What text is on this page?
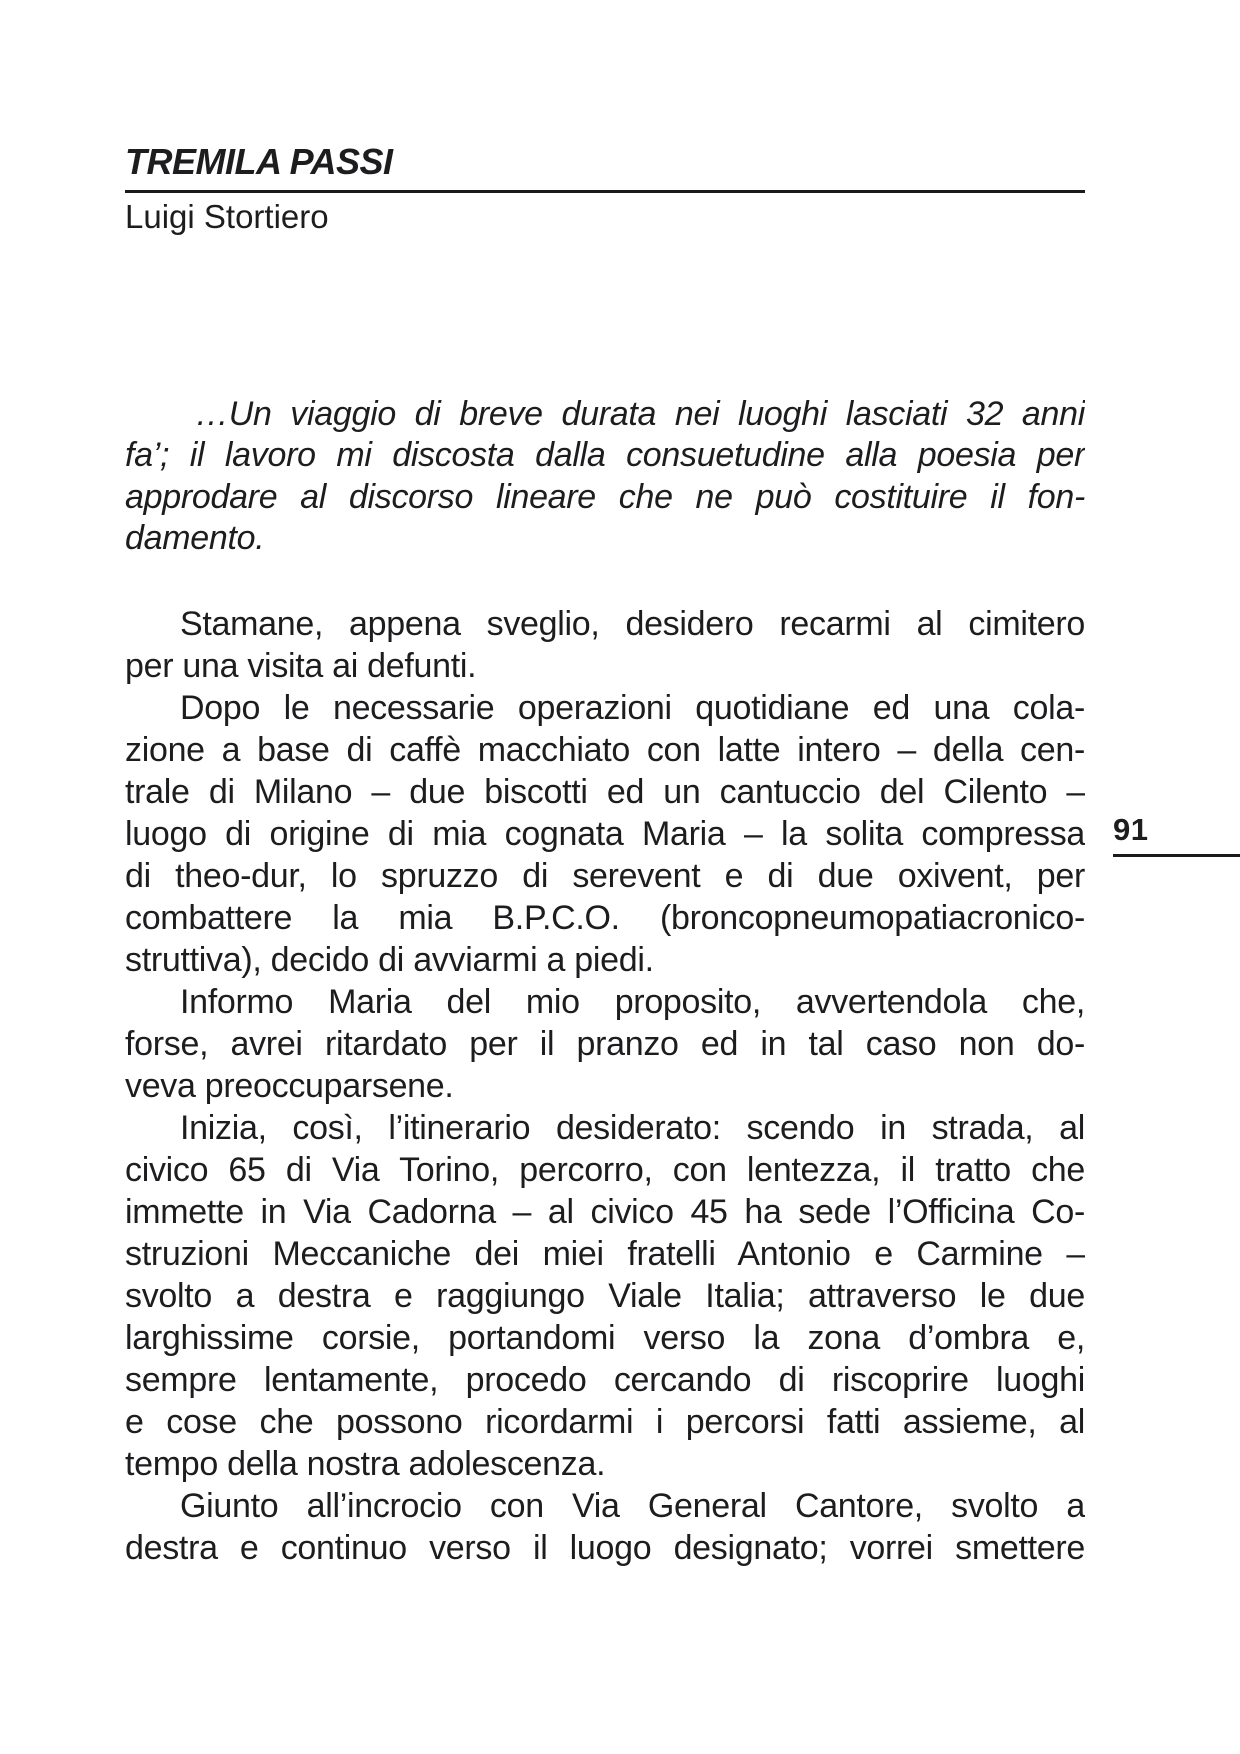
TREMILA PASSI
Luigi Stortiero
…Un viaggio di breve durata nei luoghi lasciati 32 anni
fa’; il lavoro mi discosta dalla consuetudine alla poesia per
approdare al discorso lineare che ne può costituire il fon-
damento.
Stamane, appena sveglio, desidero recarmi al cimitero
per una visita ai defunti.
Dopo le necessarie operazioni quotidiane ed una cola-
zione a base di caffè macchiato con latte intero – della cen-
trale di Milano – due biscotti ed un cantuccio del Cilento –
luogo di origine di mia cognata Maria – la solita compressa
di theo-dur, lo spruzzo di serevent e di due oxivent, per
combattere la mia B.P.C.O. (broncopneumopatiacronico-
struttiva), decido di avviarmi a piedi.
Informo Maria del mio proposito, avvertendola che,
forse, avrei ritardato per il pranzo ed in tal caso non do-
veva preoccuparsene.
Inizia, così, l’itinerario desiderato: scendo in strada, al
civico 65 di Via Torino, percorro, con lentezza, il tratto che
immette in Via Cadorna – al civico 45 ha sede l’Officina Co-
struzioni Meccaniche dei miei fratelli Antonio e Carmine –
svolto a destra e raggiungo Viale Italia; attraverso le due
larghissime corsie, portandomi verso la zona d’ombra e,
sempre lentamente, procedo cercando di riscoprire luoghi
e cose che possono ricordarmi i percorsi fatti assieme, al
tempo della nostra adolescenza.
Giunto all’incrocio con Via General Cantore, svolto a
destra e continuo verso il luogo designato; vorrei smettere
91
